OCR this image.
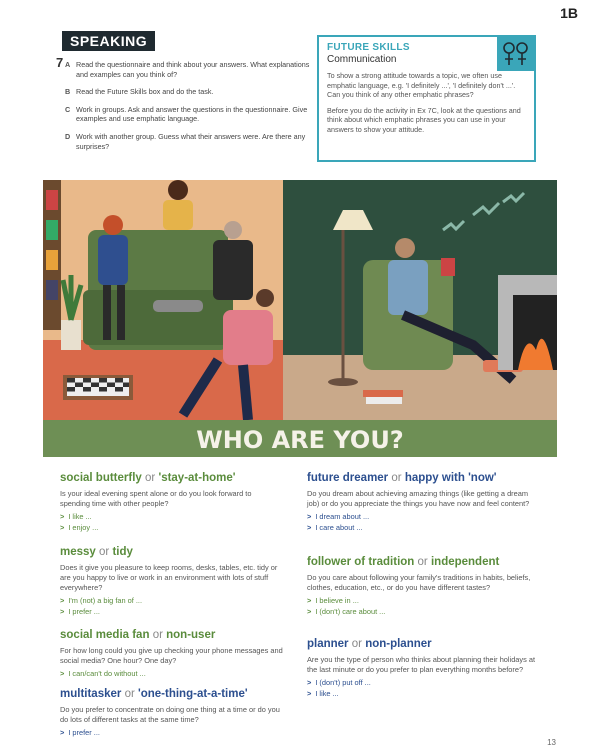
1B
SPEAKING
7 A Read the questionnaire and think about your answers. What explanations and examples can you think of?
B Read the Future Skills box and do the task.
C Work in groups. Ask and answer the questions in the questionnaire. Give examples and use emphatic language.
D Work with another group. Guess what their answers were. Are there any surprises?
FUTURE SKILLS
Communication

To show a strong attitude towards a topic, we often use emphatic language, e.g. 'I definitely ...', 'I definitely don't ...'. Can you think of any other emphatic phrases?

Before you do the activity in Ex 7C, look at the questions and think about which emphatic phrases you can use in your answers to show your attitude.

WHO ARE YOU?
social butterfly or 'stay-at-home'

Is your ideal evening spent alone or do you look forward to spending time with other people?

> I like ...
> I enjoy ...
messy or tidy

Does it give you pleasure to keep rooms, desks, tables, etc. tidy or are you happy to live or work in an environment with lots of stuff everywhere?

> I'm (not) a big fan of ...
> I prefer ...
social media fan or non-user

For how long could you give up checking your phone messages and social media? One hour? One day?

> I can/can't do without ...
multitasker or 'one-thing-at-a-time'

Do you prefer to concentrate on doing one thing at a time or do you do lots of different tasks at the same time?

> I prefer ...
future dreamer or happy with 'now'

Do you dream about achieving amazing things (like getting a dream job) or do you appreciate the things you have now and feel content?

> I dream about ...
> I care about ...
follower of tradition or independent

Do you care about following your family's traditions in habits, beliefs, clothes, education, etc., or do you have different tastes?

> I believe in ...
> I (don't) care about ...
planner or non-planner

Are you the type of person who thinks about planning their holidays at the last minute or do you prefer to plan everything months before?

> I (don't) put off ...
> I like ...
13
